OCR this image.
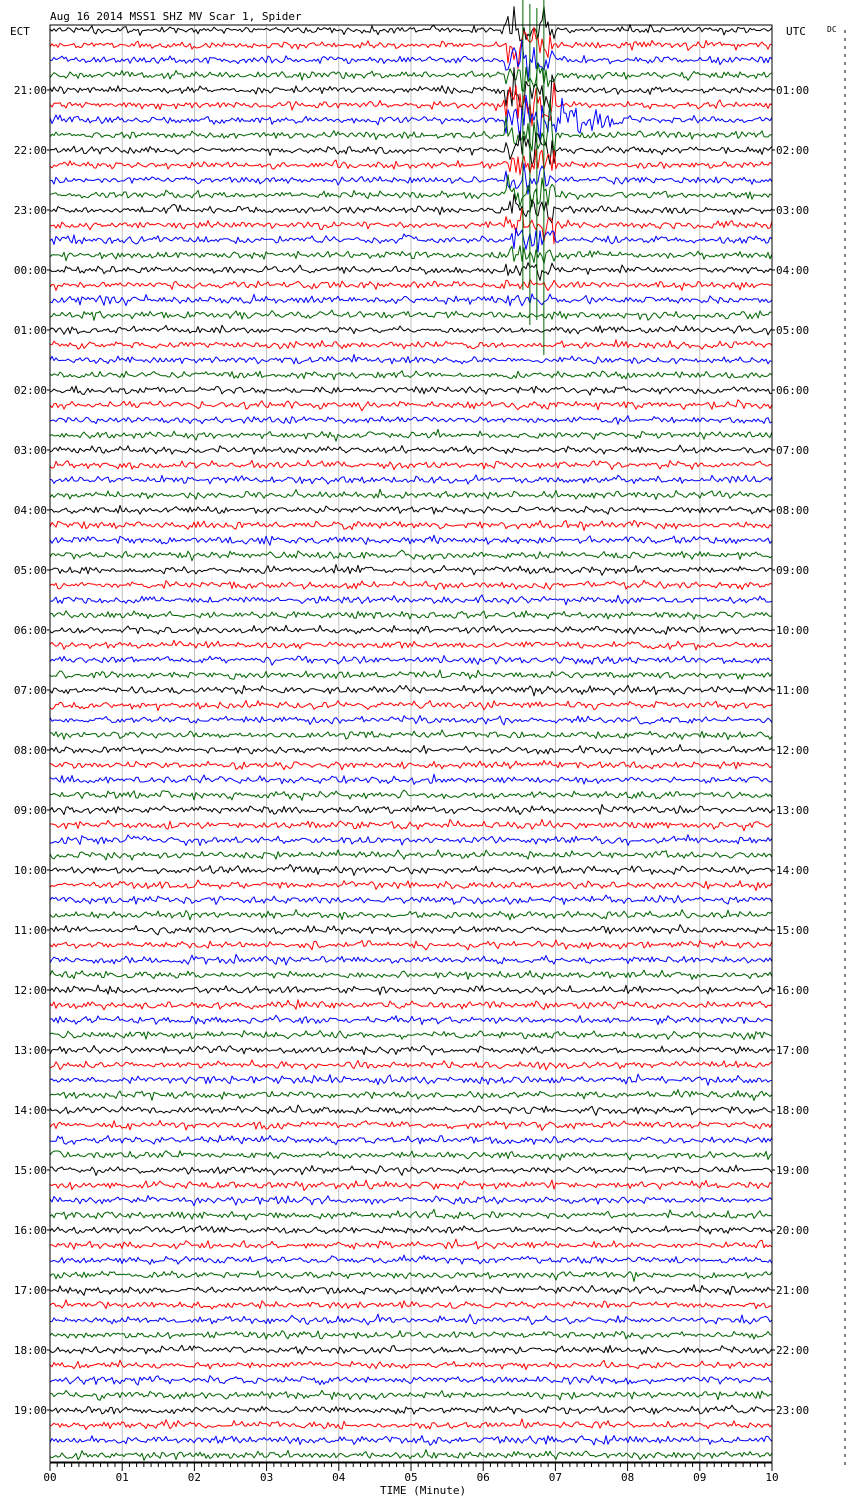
Aug 16 2014 MSS1 SHZ MV Scar 1, Spider
ECT	UTC	DC
TIME (Minute)
00	01	02	03	04	05	06	07	08	09	10
21:00
22:00
23:00
00:00
01:00
02:00
03:00
04:00
05:00
06:00
07:00
08:00
09:00
10:00
11:00
12:00
13:00
14:00
15:00
16:00
17:00
18:00
19:00
01:00
02:00
03:00
04:00
05:00
06:00
07:00
08:00
09:00
10:00
11:00
12:00
13:00
14:00
15:00
16:00
17:00
18:00
19:00
20:00
21:00
22:00
23:00
